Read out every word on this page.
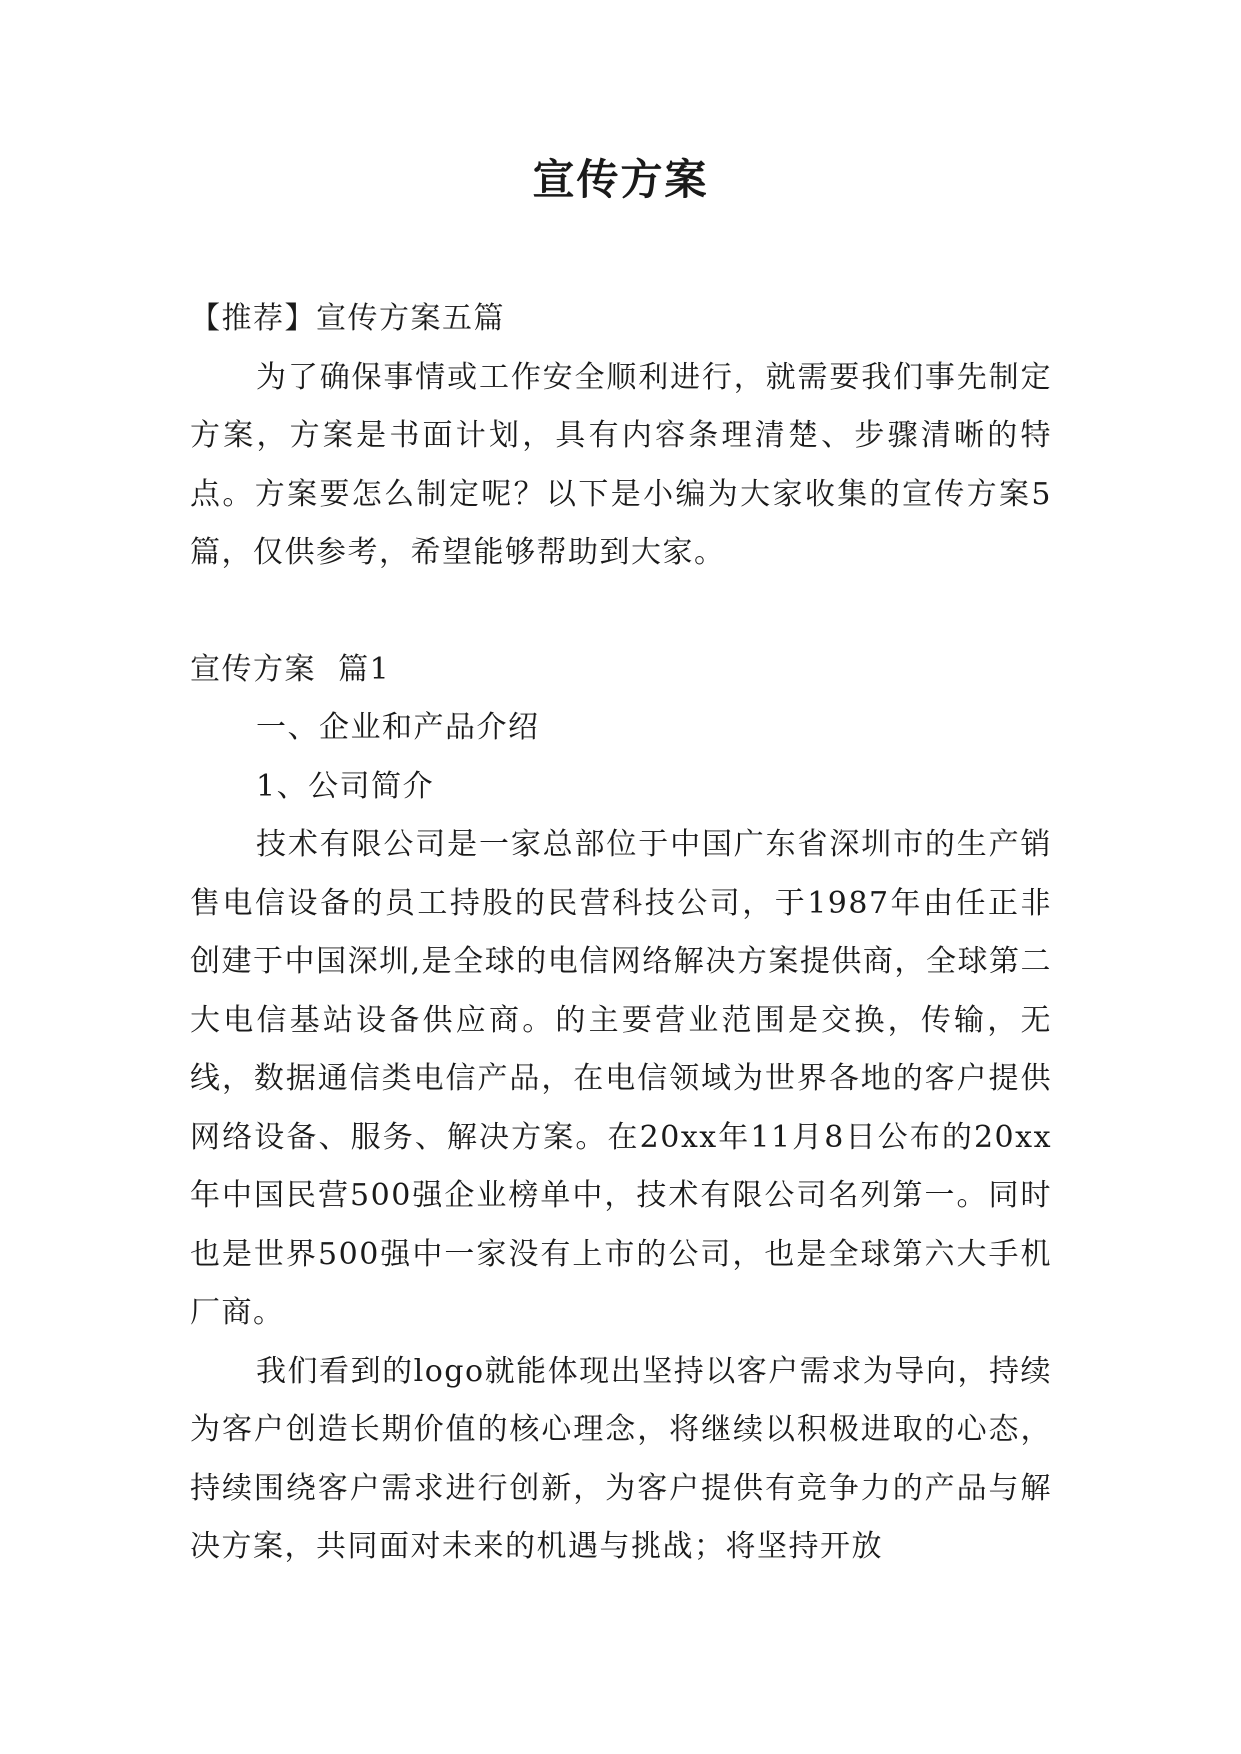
宣传方案

【推荐】宣传方案五篇

为了确保事情或工作安全顺利进行，就需要我们事先制定方案，方案是书面计划，具有内容条理清楚、步骤清晰的特点。方案要怎么制定呢？以下是小编为大家收集的宣传方案5篇，仅供参考，希望能够帮助到大家。

宣传方案  篇1

一、企业和产品介绍

1、公司简介

技术有限公司是一家总部位于中国广东省深圳市的生产销售电信设备的员工持股的民营科技公司，于1987年由任正非创建于中国深圳,是全球的电信网络解决方案提供商，全球第二大电信基站设备供应商。的主要营业范围是交换，传输，无线，数据通信类电信产品，在电信领域为世界各地的客户提供网络设备、服务、解决方案。在20xx年11月8日公布的20xx年中国民营500强企业榜单中，技术有限公司名列第一。同时也是世界500强中一家没有上市的公司，也是全球第六大手机厂商。

我们看到的logo就能体现出坚持以客户需求为导向，持续为客户创造长期价值的核心理念，将继续以积极进取的心态，持续围绕客户需求进行创新，为客户提供有竞争力的产品与解决方案，共同面对未来的机遇与挑战；将坚持开放
